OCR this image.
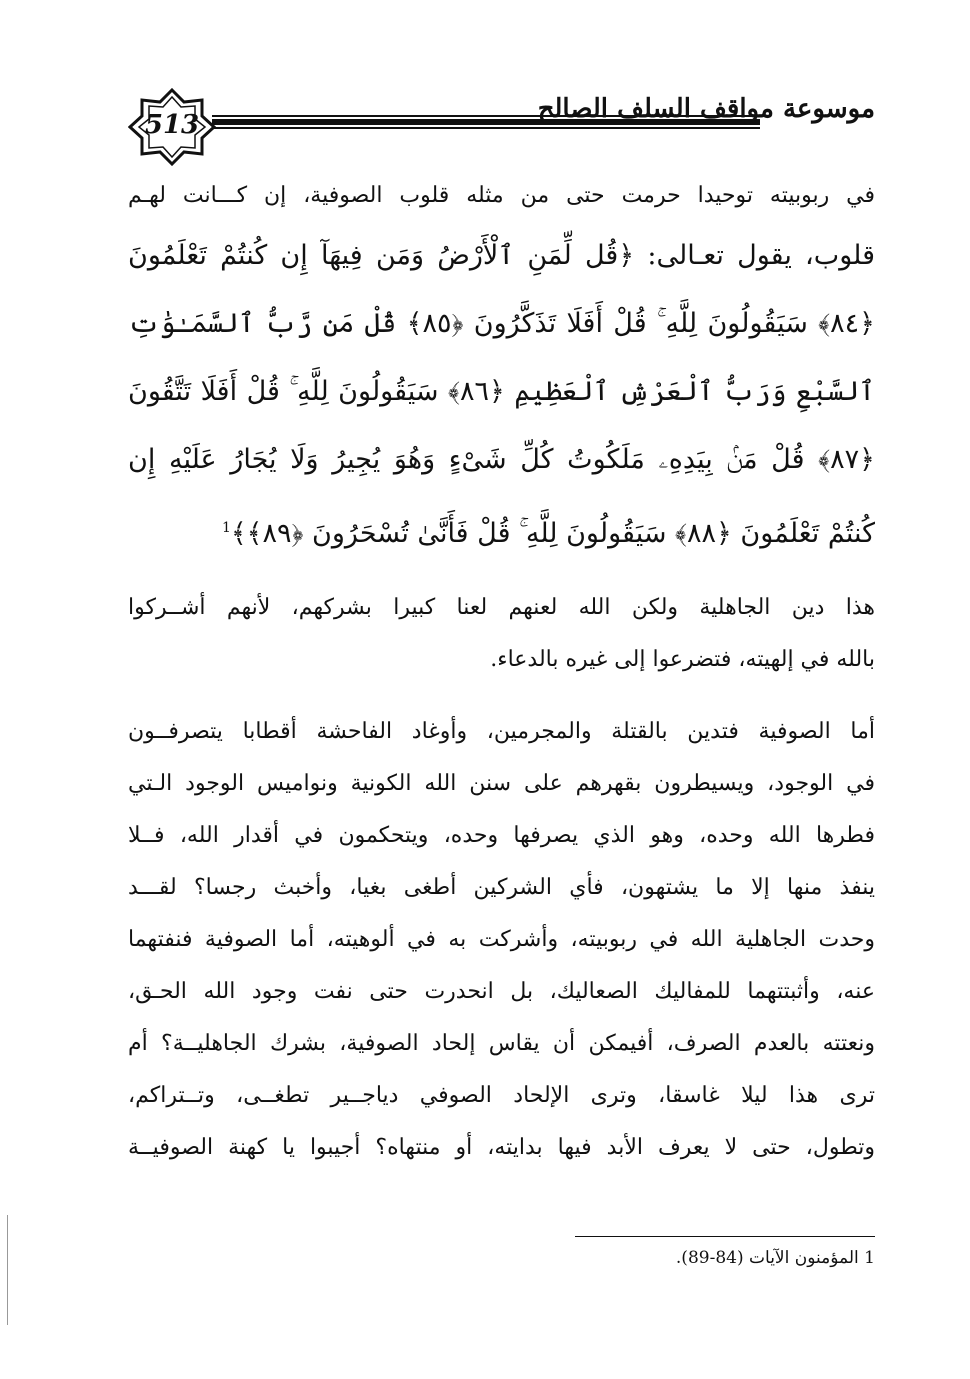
513
موسوعة مواقف السلف الصالح
في ربوبيته توحيدا حرمت حتى من مثله قلوب الصوفية، إن كـــانت لهـم
قلوب، يقول تعـالى: ﴿قُل لِّمَنِ ٱلْأَرْضُ وَمَن فِيهَآ إِن كُنتُمْ تَعْلَمُونَ
﴿٨٤﴾ سَيَقُولُونَ لِلَّهِ ۚ قُلْ أَفَلَا تَذَكَّرُونَ ﴿٨٥﴾ قُلْ مَن رَّبُّ ٱلسَّمَـٰوَٰتِ
ٱلسَّبْعِ وَرَبُّ ٱلْعَرْشِ ٱلْعَظِيمِ ﴿٨٦﴾ سَيَقُولُونَ لِلَّهِ ۚ قُلْ أَفَلَا تَتَّقُونَ
﴿٨٧﴾ قُلْ مَنۢ بِيَدِهِۦ مَلَكُوتُ كُلِّ شَىْءٍ وَهُوَ يُجِيرُ وَلَا يُجَارُ عَلَيْهِ إِن
كُنتُمْ تَعْلَمُونَ ﴿٨٨﴾ سَيَقُولُونَ لِلَّهِ ۚ قُلْ فَأَنَّىٰ تُسْحَرُونَ ﴿٨٩﴾﴾$^1$
هذا دين الجاهلية ولكن الله لعنهم لعنا كبيرا بشركهم، لأنهم أشــركوا
بالله في إلهيته، فتضرعوا إلى غيره بالدعاء.
أما الصوفية فتدين بالقتلة والمجرمين، وأوغاد الفاحشة أقطابا يتصرفــون
في الوجود، ويسيطرون بقهرهم على سنن الله الكونية ونواميس الوجود الـتي
فطرها الله وحده، وهو الذي يصرفها وحده، ويتحكمون في أقدار الله، فــلا
ينفذ منها إلا ما يشتهون، فأي الشركين أطغى بغيا، وأخبث رجسا؟ لقـــد
وحدت الجاهلية الله في ربوبيته، وأشركت به في ألوهيته، أما الصوفية فنفتهما
عنه، وأثبتتهما للمفاليك الصعاليك، بل انحدرت حتى نفت وجود الله الحـق،
ونعتته بالعدم الصرف، أفيمكن أن يقاس إلحاد الصوفية، بشرك الجاهليــة؟ أم
ترى هذا ليلا غاسقا، وترى الإلحاد الصوفي دياجــير تطغــى، وتــتراكم،
وتطول، حتى لا يعرف الأبد فيها بدايته، أو منتهاه؟ أجيبوا يا كهنة الصوفيــة
1 المؤمنون الآيات (84-89).
